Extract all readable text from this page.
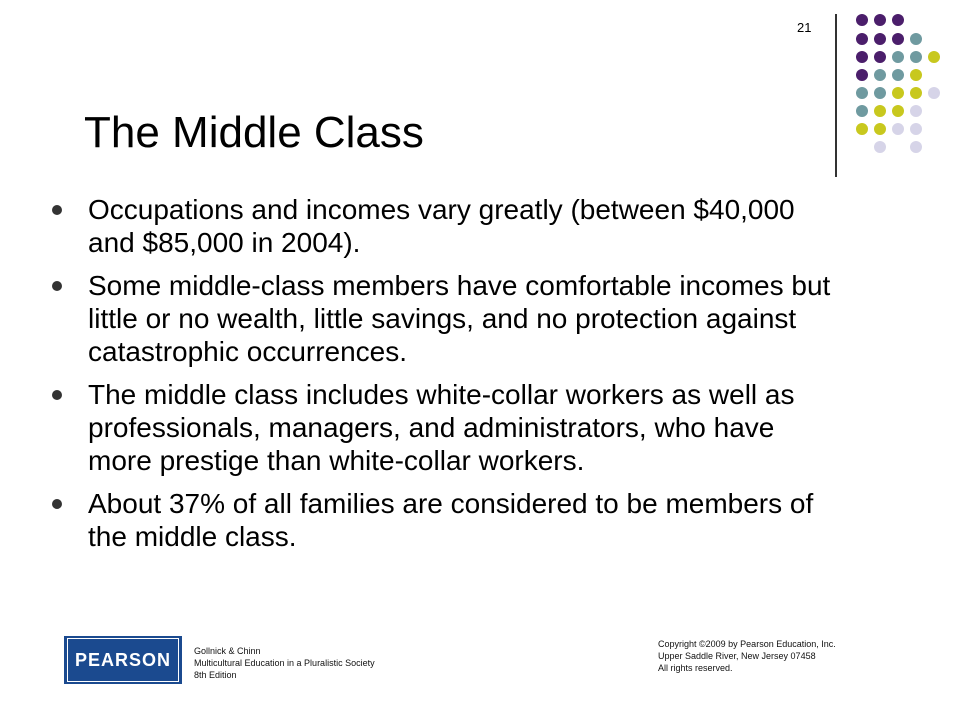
21
The Middle Class
Occupations and incomes vary greatly (between $40,000 and $85,000 in 2004).
Some middle-class members have comfortable incomes but little or no wealth, little savings, and no protection against catastrophic occurrences.
The middle class includes white-collar workers as well as professionals, managers, and administrators, who have more prestige than white-collar workers.
About 37% of all families are considered to be members of the middle class.
PEARSON	Gollnick & Chinn
Multicultural Education in a Pluralistic Society
8th Edition
Copyright ©2009 by Pearson Education, Inc.
Upper Saddle River, New Jersey 07458
All rights reserved.
